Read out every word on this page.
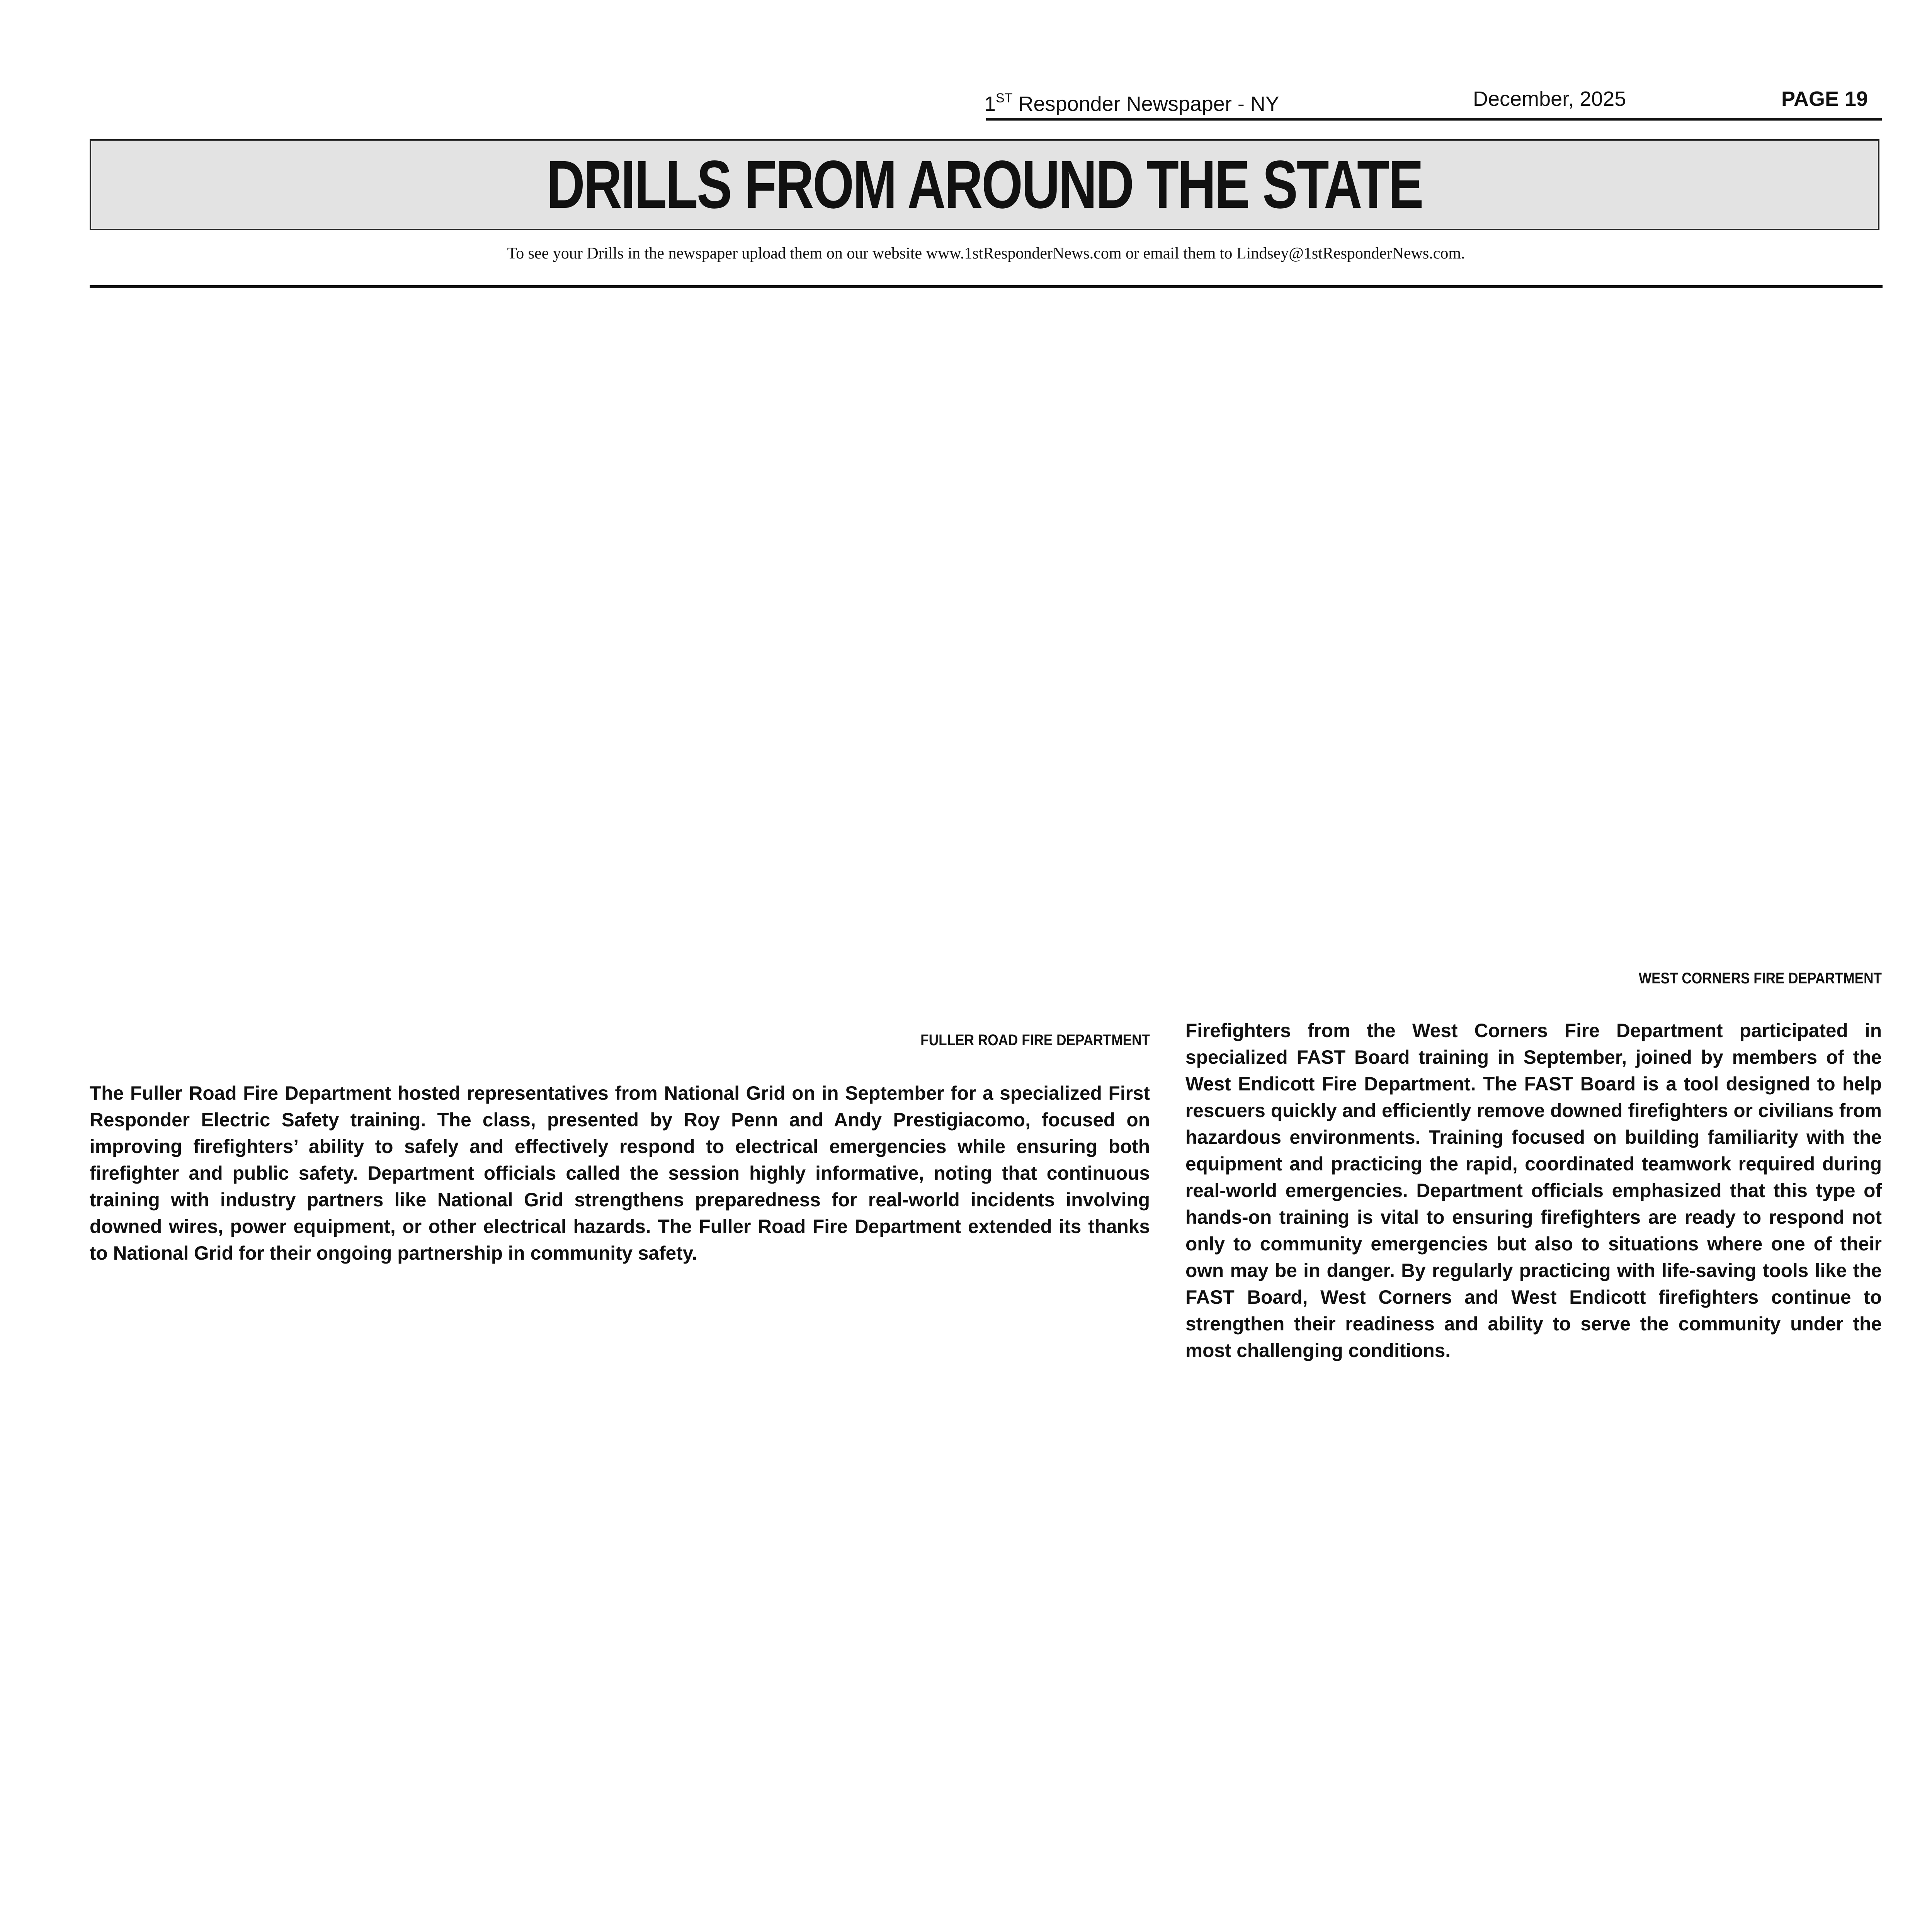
1ST Responder Newspaper - NY	December, 2025	PAGE 19
DRILLS FROM AROUND THE STATE
To see your Drills in the newspaper upload them on our website www.1stResponderNews.com or email them to Lindsey@1stResponderNews.com.

FULLER ROAD FIRE DEPARTMENT

The Fuller Road Fire Department hosted representatives from National Grid on in September for a specialized First Responder Electric Safety training. The class, presented by Roy Penn and Andy Prestigiacomo, focused on improving firefighters’ ability to safely and effectively respond to electrical emergencies while ensuring both firefighter and public safety. Department officials called the session highly informative, noting that continuous training with industry partners like National Grid strengthens preparedness for real-world incidents involving downed wires, power equipment, or other electrical hazards. The Fuller Road Fire Department extended its thanks to National Grid for their ongoing partnership in community safety.

WEST CORNERS FIRE DEPARTMENT

Firefighters from the West Corners Fire Department participated in specialized FAST Board training in September, joined by members of the West Endicott Fire Department. The FAST Board is a tool designed to help rescuers quickly and efficiently remove downed firefighters or civilians from hazardous environments. Training focused on building familiarity with the equipment and practicing the rapid, coordinated teamwork required during real-world emergencies. Department officials emphasized that this type of hands-on training is vital to ensuring firefighters are ready to respond not only to community emergencies but also to situations where one of their own may be in danger. By regularly practicing with life-saving tools like the FAST Board, West Corners and West Endicott firefighters continue to strengthen their readiness and ability to serve the community under the most challenging conditions.
